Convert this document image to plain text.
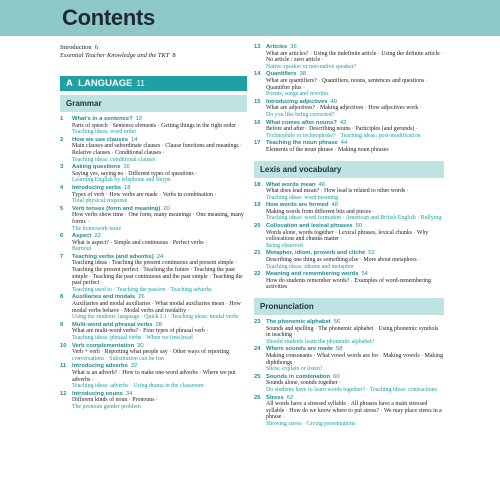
Contents

Introduction 6

Essential Teacher Knowledge and the TKT 8

A LANGUAGE 11
Grammar
1	What's in a sentence? 12
Parts of speech · Sentence elements · Getting things in the right order ·
Teaching ideas: word order
2	How we use clauses 14
Main clauses and subordinate clauses · Clause functions and meanings · Relative clauses · Conditional clauses ·
Teaching ideas: conditional clauses
3	Asking questions 16
Saying yes, saying no · Different types of questions ·
Learning English by telephone and Skype
4	Introducing verbs 18
Types of verb · How verbs are made · Verbs in combination ·
Total physical response
5	Verb tenses (form and meaning) 20
How verbs show time · One form, many meanings · One meaning, many forms ·
The homework issue
6	Aspect 22
What is aspect? · Simple and continuous · Perfect verbs ·
Burnout
7	Teaching verbs (and adverbs) 24
Teaching ideas · Teaching the present continuous and present simple · Teaching the present perfect · Teaching the future · Teaching the past simple · Teaching the past continuous and the past simple · Teaching the past perfect ·
Teaching used to · Teaching the passive · Teaching adverbs
8	Auxiliaries and modals 26
Auxiliaries and modal auxiliaries · What modal auxiliaries mean · How modal verbs behave · Modal verbs and modality ·
Using the students' language · Quick L1 · Teaching ideas: modal verbs
9	Multi-word and phrasal verbs 28
What are multi-word verbs? · Four types of phrasal verb ·
Teaching ideas: phrasal verbs · When we (mis)read
10 Verb complementation 30
Verb + verb · Reporting what people say · Other ways of reporting
conversations · Substitution can be fun
11	Introducing adverbs 32
What is an adverb? · How to make one-word adverbs · Where we put adverbs ·
Teaching ideas: adverbs · Using drama in the classroom
12 Introducing nouns 34
Different kinds of noun · Pronouns ·
The pronoun gender problem
13 Articles 36
What are articles? · Using the indefinite article · Using the definite article · No article / zero article ·
Native speaker or non-native speaker?
14 Quantifiers 38
What are quantifiers? · Quantifiers, nouns, sentences and questions · Quantifier plus ·
Poems, songs and rewrites
15 Introducing adjectives 40
What are adjectives? · Making adjectives · How adjectives work ·
Do you like being corrected?
16 What comes after nouns? 42
Before and after · Describing nouns · Participles (and gerunds) ·
Technophile or technophobe? · Teaching ideas: post-modification
17 Teaching the noun phrase 44
Elements of the noun phrase · Making noun phrases
Lexis and vocabulary
18 What words mean 46
What does lead mean? · How lead is related to other words ·
Teaching ideas: word meaning
19 How words are formed 48
Making words from different bits and pieces ·
Teaching ideas: word formation · American and British English · Bullying
20 Collocation and lexical phrases 50
Words alone, words together · Lexical phrases, lexical chunks · Why collocations and chunks matter ·
Being observed
21 Metaphor, idiom, proverb and cliché 52
Describing one thing as something else · More about metaphors ·
Teaching ideas: idioms and metaphor
22 Meaning and remembering words 54
How do students remember words? · Examples of word-remembering activities
Pronunciation
23 The phonemic alphabet 56
Sounds and spelling · The phonemic alphabet · Using phonemic symbols in teaching ·
Should students learn the phonemic alphabet?
24 Where sounds are made 58
Making consonants · What vowel words are for · Making vowels · Making diphthongs ·
Show, explain or listen?
25 Sounds in combination 60
Sounds alone, sounds together ·
Do students have to learn words together? · Teaching ideas: contractions
26 Stress 62
All words have a stressed syllable · All phrases have a main stressed syllable · How do we know where to put stress? · We may place stress in a phrase ·
Showing stress · Giving presentations
